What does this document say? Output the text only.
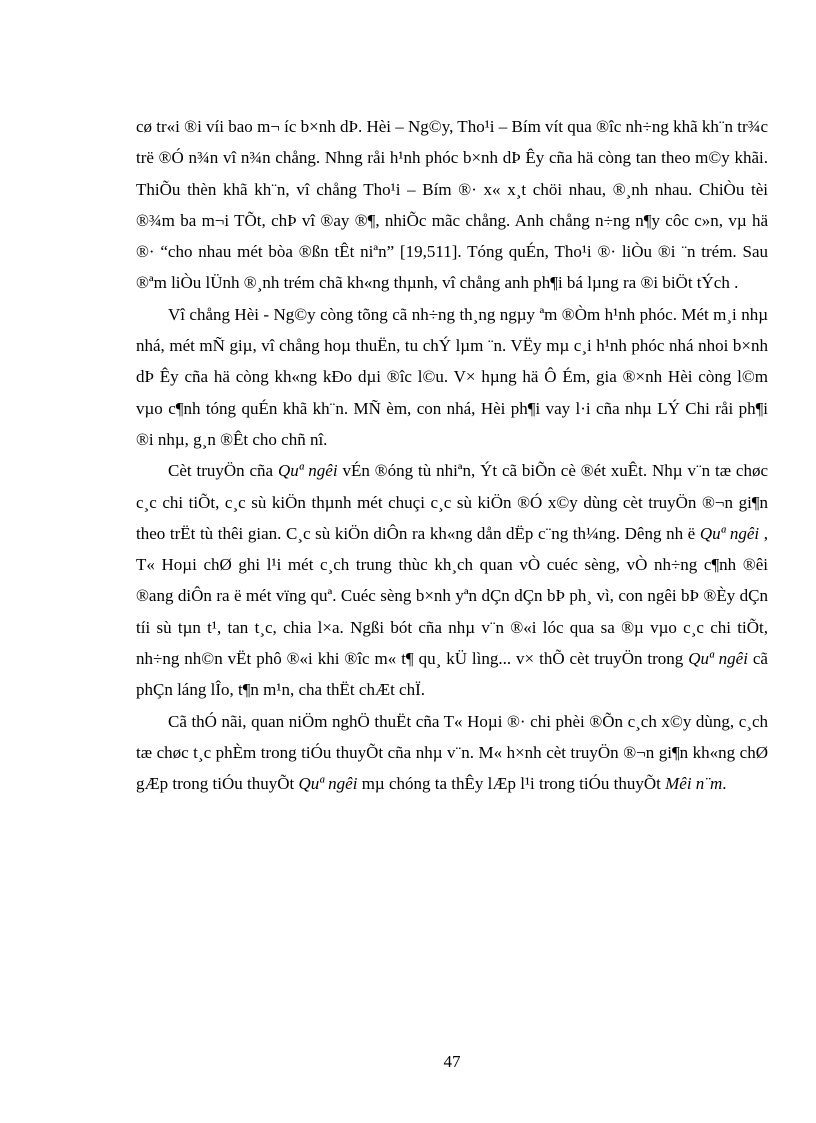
cø tr«i ®i víi bao m¬ íc b×nh dÞ. Hèi – Ng©y, Tho¹i – Bím vít qua ®îc nh÷ng khã kh¨n tr¾c trë ®Ó n¾n vî n¾n chång. Nhng råi h¹nh phóc b×nh dÞ Êy cña hä còng tan theo m©y khãi. ThiÕu thèn khã kh¨n, vî chång Tho¹i – Bím ®· x« x¸t chöi nhau, ®¸nh nhau. ChiÒu tèi ®¾m ba m¬i TÕt, chÞ vî ®ay ®¶, nhiÕc mãc chång. Anh chång n÷ng n¶y côc c»n, vµ hä ®· “cho nhau mét bòa ®ßn tÊt niªn” [19,511]. Tóng quÉn, Tho¹i ®· liÒu ®i ¨n trém. Sau ®ªm liÒu lÜnh ®¸nh trém chã kh«ng thµnh, vî chång anh ph¶i bá lµng ra ®i biÖt tÝch .

Vî chång Hèi - Ng©y còng tõng cã nh÷ng th¸ng ngµy ªm ®Òm h¹nh phóc. Mét m¸i nhµ nhá, mét mÑ giµ, vî chång hoµ thuËn, tu chÝ lµm ¨n. VËy mµ c¸i h¹nh phóc nhá nhoi b×nh dÞ Êy cña hä còng kh«ng kÐo dµi ®îc l©u. V× hµng hä Ô Ém, gia ®×nh Hèi còng l©m vµo c¶nh tóng quÉn khã kh¨n. MÑ èm, con nhá, Hèi ph¶i vay l·i cña nhµ LÝ Chi råi ph¶i ®i nhµ, g¸n ®Êt cho chñ nî.

Cèt truyÖn cña Quª ngêi vÉn ®óng tù nhiªn, Ýt cã biÕn cè ®ét xuÊt. Nhµ v¨n tæ chøc c¸c chi tiÕt, c¸c sù kiÖn thµnh mét chuçi c¸c sù kiÖn ®Ó x©y dùng cèt truyÖn ®¬n gi¶n theo trËt tù thêi gian. C¸c sù kiÖn diÔn ra kh«ng dån dËp c¨ng th¼ng. Dêng nh ë Quª ngêi , T« Hoµi chØ ghi l¹i mét c¸ch trung thùc kh¸ch quan vÒ cuéc sèng, vÒ nh÷ng c¶nh ®êi ®ang diÔn ra ë mét vïng quª. Cuéc sèng b×nh yªn dÇn dÇn bÞ ph¸ vì, con ngêi bÞ ®Èy dÇn tíi sù tµn t¹, tan t¸c, chia l×a. Ngßi bót cña nhµ v¨n ®«i lóc qua sa ®µ vµo c¸c chi tiÕt, nh÷ng nh©n vËt phô ®«i khi ®îc m« t¶ qu¸ kÜ lìng... v× thÕ cèt truyÖn trong Quª ngêi cã phÇn láng lÎo, t¶n m¹n, cha thËt chÆt chÏ.

Cã thÓ nãi, quan niÖm nghÖ thuËt cña T« Hoµi ®· chi phèi ®Õn c¸ch x©y dùng, c¸ch tæ chøc t¸c phÈm trong tiÓu thuyÕt cña nhµ v¨n. M« h×nh cèt truyÖn ®¬n gi¶n kh«ng chØ gÆp trong tiÓu thuyÕt Quª ngêi mµ chóng ta thÊy lÆp l¹i trong tiÓu thuyÕt Mêi n¨m.

47
